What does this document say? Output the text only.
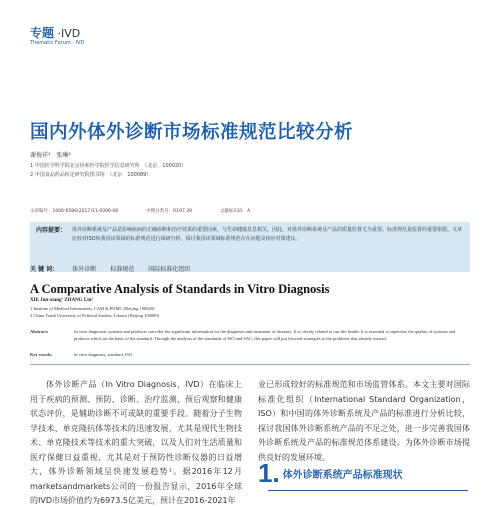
专题 ·IVD
Thematic Forum · IVD
国内外体外诊断市场标准规范比较分析
谢俊祥¹　张琳²
1 中国医学科学院北京协和医学院医学信息研究所　（北京　100020）
2 中国食品药品检定研究院图书馆　（北京　100089）
文章编号：1006-6586(2017)11-0006-08	中图分类号：R197.39	文献标识码：A
内容提要：	体外诊断系统及产品是影响疾病的正确诊断和治疗效果的重要因素，与生命健康息息相关。因此，对体外诊断系统及产品的质量监督尤为重要。标准规范是监督的重要依据。文章比较对ISO和我国该领域的标准规范进行调研分析，探讨我国该领域标准规范存在问题及相应对策建议。
关 键 词： 体外诊断 标准规范 国际标准化组织
A Comparative Analysis of Standards in Vitro Diagnosis
XIE Jun-xiang¹ ZHANG Lin²
1 Institute of Medical Information, CAM & PUMC (Beijing 100020)
2 China Youth University of Political Studies, Library (Beijing 100089)
Abstract:	In vitro diagnostic systems and products can offer the significant information for the diagnoses and treatment of diseases. It is closely related to our life health. It is essential to supervise the quality of systems and products which on the basis of the standard. Through the analysis of the standards of ISO and SAC, this paper will put forward strategies to the problems that already existed.
Key words:	in vitro diagnosis, standard, ISO
体外诊断产品（In Vitro Diagnosis，IVD）在临床上用于疾病的预测、预防、诊断、治疗监测、预后观察和健康状态评价，是辅助诊断不可或缺的重要手段。随着分子生物学技术、单克隆抗体等技术的迅速发展，尤其是现代生物技术、单克隆技术等技术的重大突破，以及人们对生活质量和医疗保健日益重视，尤其是对于预防性诊断仪器的日益增大，体外诊断领域呈快速发展趋势¹。据2016年12月marketsandmarkets公司的一份报告显示，2016年全球的IVD市场价值约为6973.5亿美元，预计在2016-2021年
业已形成较好的标准规范和市场监管体系。本文主要对国际标准化组织（International Standard Organization，ISO）和中国的体外诊断系统及产品的标准进行分析比较，探讨我国体外诊断系统产品的不足之处，进一步完善我国体外诊断系统及产品的标准规范体系建设，为体外诊断市场提供良好的发展环境。
1. 体外诊断系统产品标准现状
